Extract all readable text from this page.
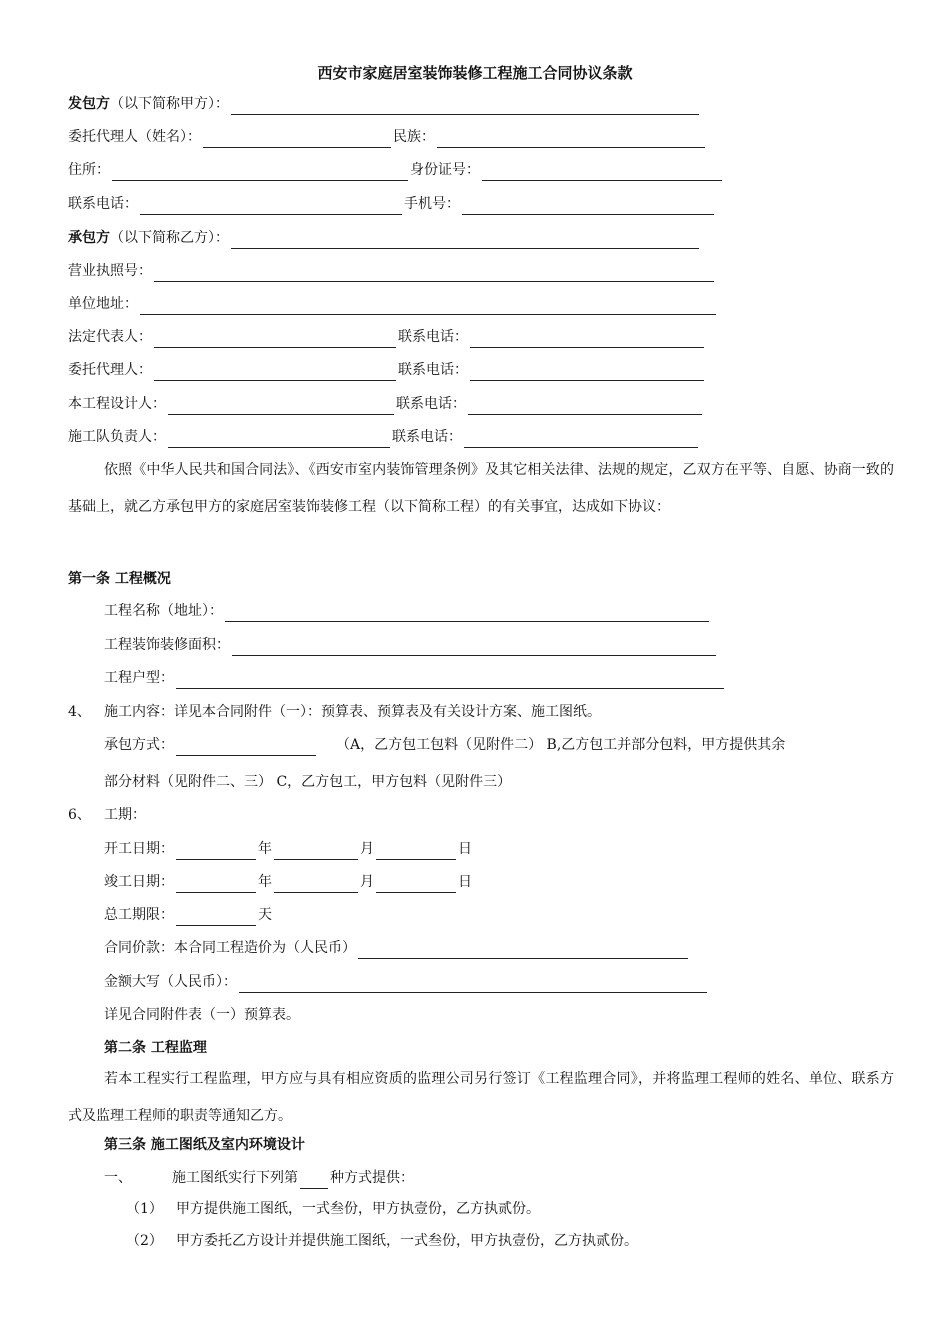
西安市家庭居室装饰装修工程施工合同协议条款
发包方 （以下简称甲方）：
委托代理人（姓名）：	民族：
住所：	身份证号：
联系电话：	手机号：
承包方 （以下简称乙方）：
营业执照号：
单位地址：
法定代表人：	联系电话：
委托代理人：	联系电话：
本工程设计人：	联系电话：
施工队负责人：	联系电话：
依照《中华人民共和国合同法》、《西安市室内装饰管理条例》及其它相关法律、法规的规定，乙双方在平等、自愿、协商一致的基础上，就乙方承包甲方的家庭居室装饰装修工程（以下简称工程）的有关事宜，达成如下协议：
第一条 工程概况
工程名称（地址）：
工程装饰装修面积：
工程户型：
4、 施工内容：详见本合同附件（一）：预算表、预算表及有关设计方案、施工图纸。
承包方式：	（A，乙方包工包料（见附件二） B,乙方包工并部分包料，甲方提供其余
部分材料（见附件二、三） C，乙方包工，甲方包料（见附件三）
6、 工期：
开工日期：	年	月	日
竣工日期：	年	月	日
总工期限：	天
合同价款：本合同工程造价为（人民币）
金额大写（人民币）：
详见合同附件表（一）预算表。
第二条 工程监理
若本工程实行工程监理，甲方应与具有相应资质的监理公司另行签订《工程监理合同》，并将监理工程师的姓名、单位、联系方式及监理工程师的职责等通知乙方。
第三条 施工图纸及室内环境设计
一、	施工图纸实行下列第 种方式提供：
（1） 甲方提供施工图纸，一式叁份，甲方执壹份，乙方执贰份。
（2） 甲方委托乙方设计并提供施工图纸，一式叁份，甲方执壹份，乙方执贰份。
